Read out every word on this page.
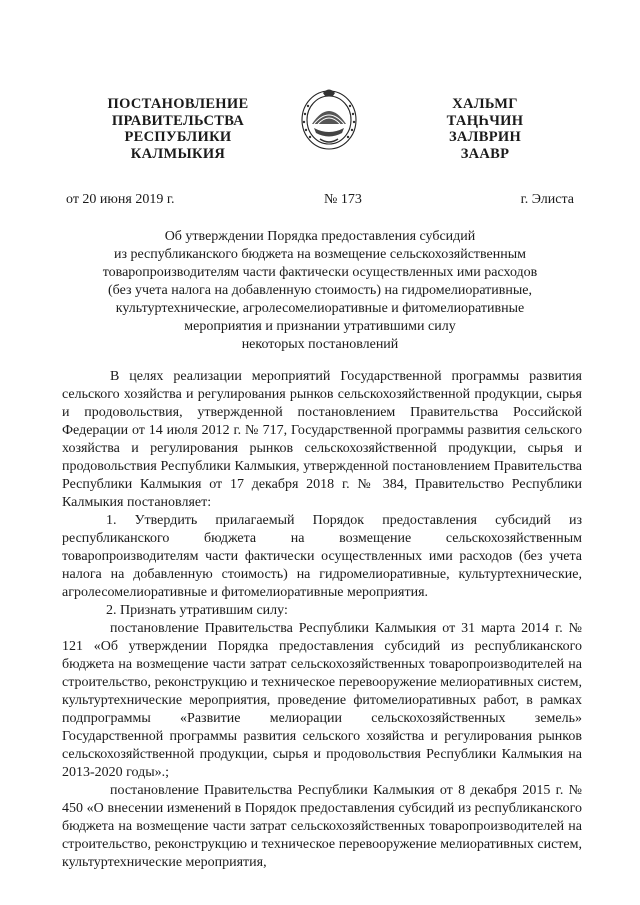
ПОСТАНОВЛЕНИЕ
ПРАВИТЕЛЬСТВА
РЕСПУБЛИКИ
КАЛМЫКИЯ
ХАЛЬМГ
ТАҢҺЧИН
ЗАЛВРИН
ЗААВР
от 20 июня 2019 г.	№ 173	г. Элиста
Об утверждении Порядка предоставления субсидий
из республиканского бюджета на возмещение сельскохозяйственным
товаропроизводителям части фактически осуществленных ими расходов
(без учета налога на добавленную стоимость) на гидромелиоративные,
культуртехнические, агролесомелиоративные и фитомелиоративные
мероприятия и признании утратившими силу
некоторых постановлений

В целях реализации мероприятий Государственной программы развития сельского хозяйства и регулирования рынков сельскохозяйственной продукции, сырья и продовольствия, утвержденной постановлением Правительства Российской Федерации от 14 июля 2012 г. № 717, Государственной программы развития сельского хозяйства и регулирования рынков сельскохозяйственной продукции, сырья и продовольствия Республики Калмыкия, утвержденной постановлением Правительства Республики Калмыкия от 17 декабря 2018 г. № 384, Правительство Республики Калмыкия постановляет:

1. Утвердить прилагаемый Порядок предоставления субсидий из республиканского бюджета на возмещение сельскохозяйственным товаропроизводителям части фактически осуществленных ими расходов (без учета налога на добавленную стоимость) на гидромелиоративные, культуртехнические, агролесомелиоративные и фитомелиоративные мероприятия.

2. Признать утратившим силу:

постановление Правительства Республики Калмыкия от 31 марта 2014 г. № 121 «Об утверждении Порядка предоставления субсидий из республиканского бюджета на возмещение части затрат сельскохозяйственных товаропроизводителей на строительство, реконструкцию и техническое перевооружение мелиоративных систем, культуртехнические мероприятия, проведение фитомелиоративных работ, в рамках подпрограммы «Развитие мелиорации сельскохозяйственных земель» Государственной программы развития сельского хозяйства и регулирования рынков сельскохозяйственной продукции, сырья и продовольствия Республики Калмыкия на 2013-2020 годы».;

постановление Правительства Республики Калмыкия от 8 декабря 2015 г. № 450 «О внесении изменений в Порядок предоставления субсидий из республиканского бюджета на возмещение части затрат сельскохозяйственных товаропроизводителей на строительство, реконструкцию и техническое перевооружение мелиоративных систем, культуртехнические мероприятия,
